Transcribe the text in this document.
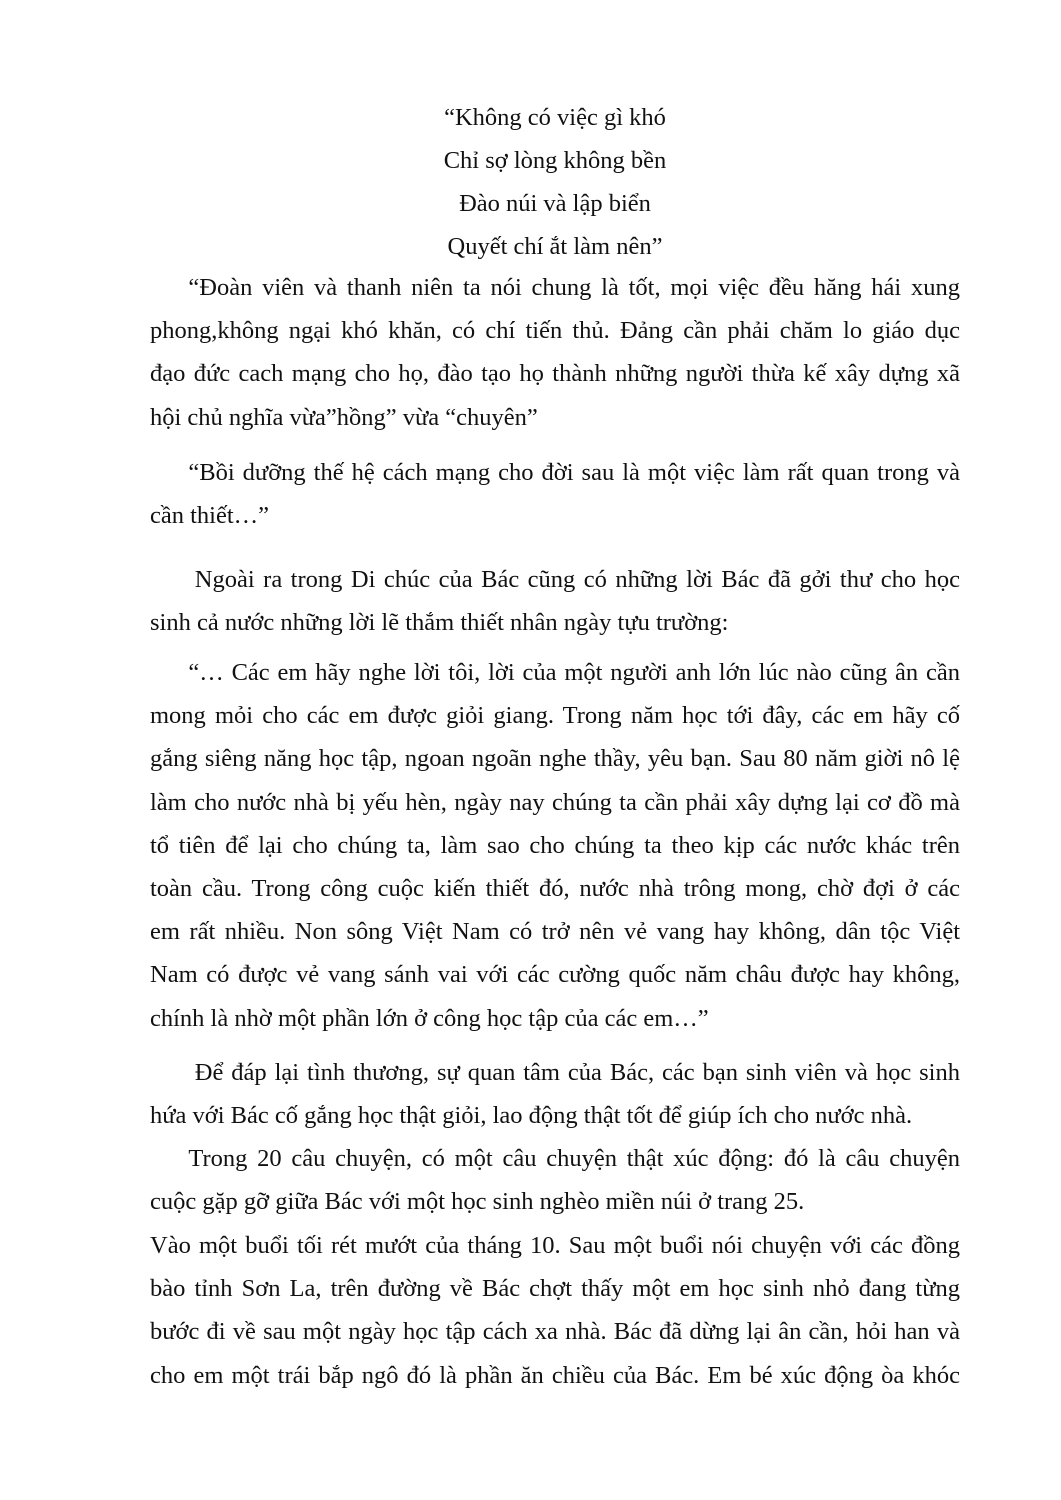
“Không có việc gì khó
Chỉ sợ lòng không bền
Đào núi và lập biển
Quyết chí ắt làm nên”
“Đoàn viên và thanh niên ta nói chung là tốt, mọi việc đều hăng hái xung
phong,không ngại khó khăn, có chí tiến thủ. Đảng cần phải chăm lo giáo dục
đạo đức cach mạng cho họ, đào tạo họ thành những người thừa kế xây dựng xã
hội chủ nghĩa vừa”hồng” vừa “chuyên”
“Bồi dưỡng thế hệ cách mạng cho đời sau là một việc làm rất quan trong và
cần thiết…”
Ngoài ra trong Di chúc của Bác cũng có những lời Bác đã gởi thư cho học
sinh cả nước những lời lẽ thắm thiết nhân ngày tựu trường:
“… Các em hãy nghe lời tôi, lời của một người anh lớn lúc nào cũng ân cần
mong mỏi cho các em được giỏi giang. Trong năm học tới đây, các em hãy cố
gắng siêng năng học tập, ngoan ngoãn nghe thầy, yêu bạn. Sau 80 năm giời nô lệ
làm cho nước nhà bị yếu hèn, ngày nay chúng ta cần phải xây dựng lại cơ đồ mà
tổ tiên để lại cho chúng ta, làm sao cho chúng ta theo kịp các nước khác trên
toàn cầu. Trong công cuộc kiến thiết đó, nước nhà trông mong, chờ đợi ở các
em rất nhiều. Non sông Việt Nam có trở nên vẻ vang hay không, dân tộc Việt
Nam có được vẻ vang sánh vai với các cường quốc năm châu được hay không,
chính là nhờ một phần lớn ở công học tập của các em…”
Để đáp lại tình thương, sự quan tâm của Bác, các bạn sinh viên và học sinh
hứa với Bác cố gắng học thật giỏi, lao động thật tốt để giúp ích cho nước nhà.
Trong 20 câu chuyện, có một câu chuyện thật xúc động: đó là câu chuyện
cuộc gặp gỡ giữa Bác với một học sinh nghèo miền núi ở trang 25.
Vào một buổi tối rét mướt của tháng 10. Sau một buổi nói chuyện với các đồng
bào tỉnh Sơn La, trên đường về Bác chợt thấy một em học sinh nhỏ đang từng
bước đi về sau một ngày học tập cách xa nhà. Bác đã dừng lại ân cần, hỏi han và
cho em một trái bắp ngô đó là phần ăn chiều của Bác. Em bé xúc động òa khóc
